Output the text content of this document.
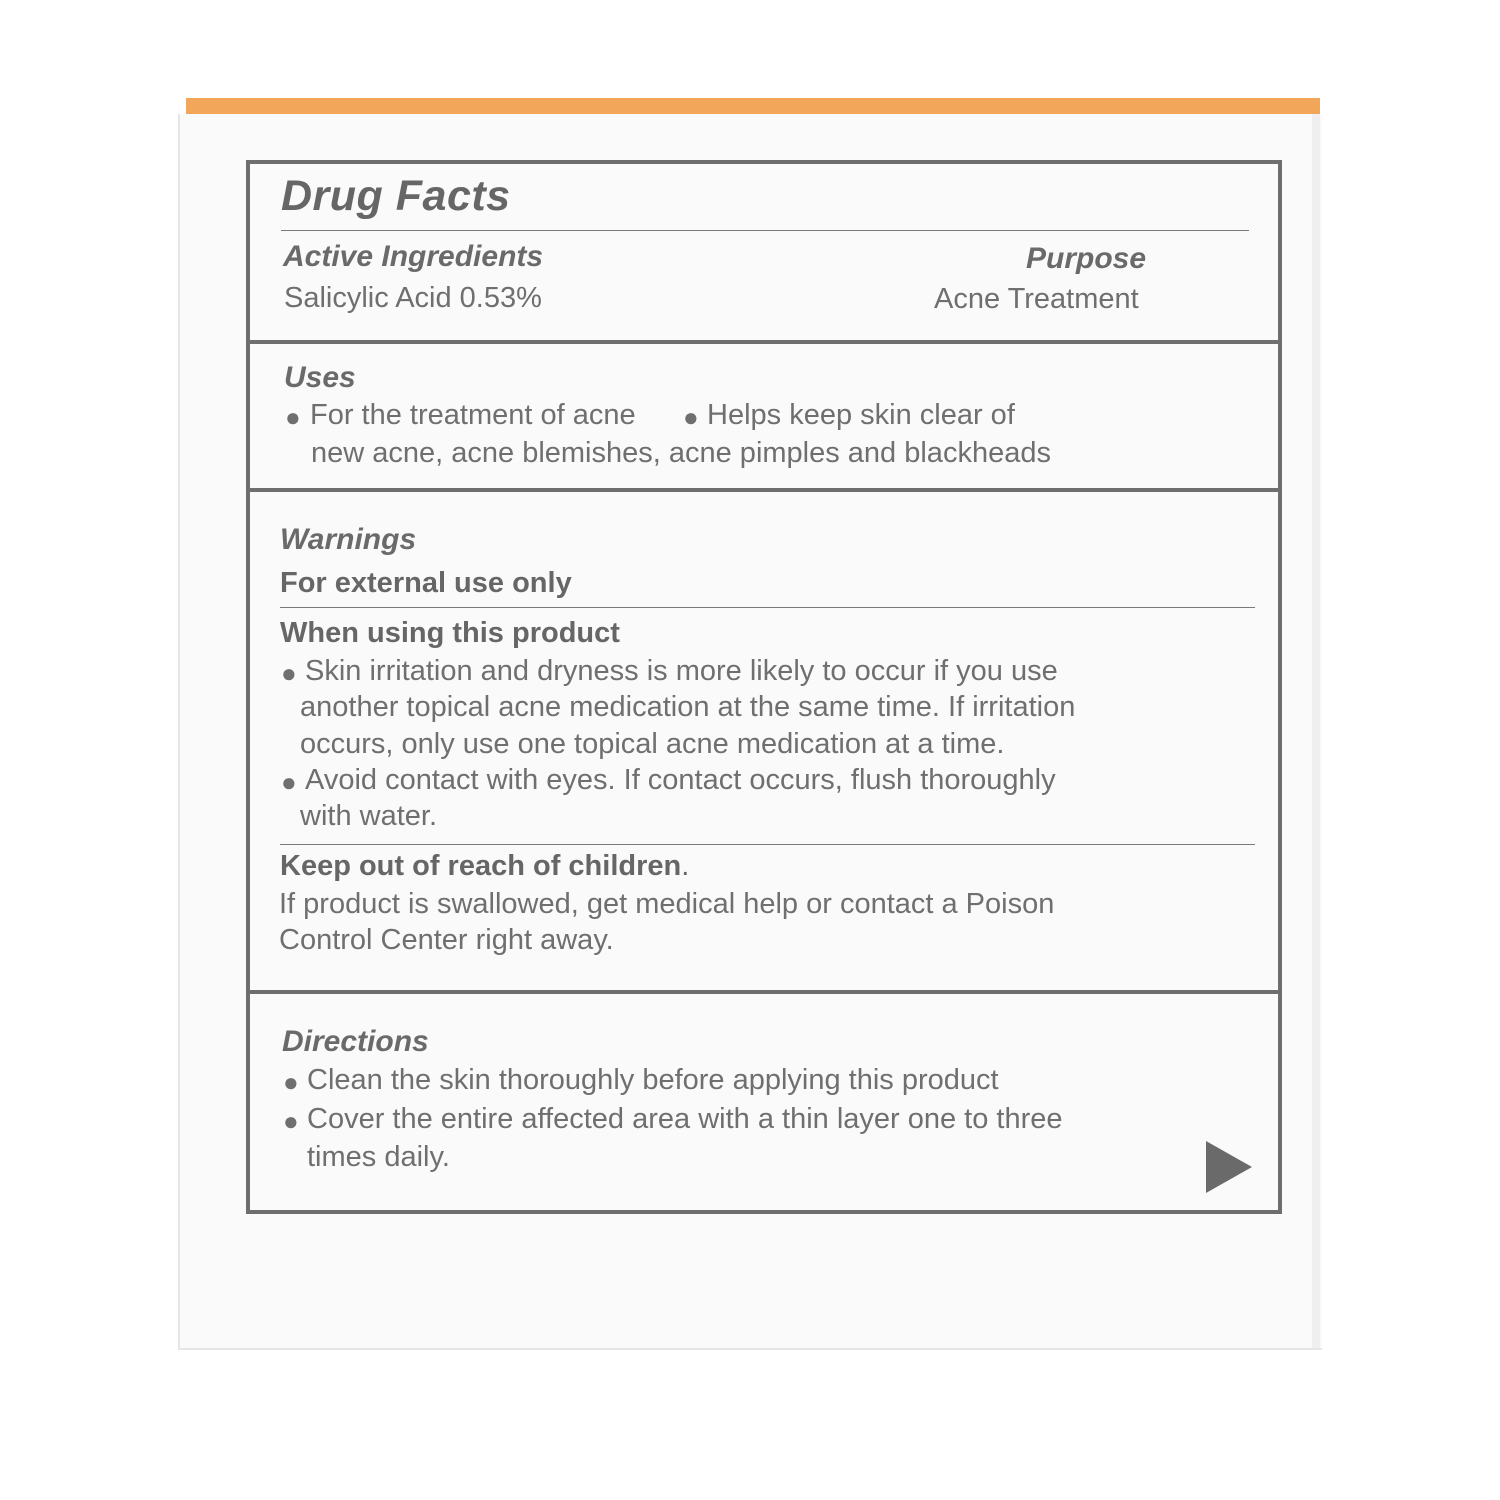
Drug Facts
Active Ingredients
Salicylic Acid 0.53%
Purpose
Acne Treatment
Uses
● For the treatment of acne ● Helps keep skin clear of
new acne, acne blemishes, acne pimples and blackheads
Warnings
For external use only
When using this product
● Skin irritation and dryness is more likely to occur if you use
another topical acne medication at the same time. If irritation
occurs, only use one topical acne medication at a time.
● Avoid contact with eyes. If contact occurs, flush thoroughly
with water.
Keep out of reach of children.
If product is swallowed, get medical help or contact a Poison
Control Center right away.
Directions
● Clean the skin thoroughly before applying this product
● Cover the entire affected area with a thin layer one to three
times daily.
